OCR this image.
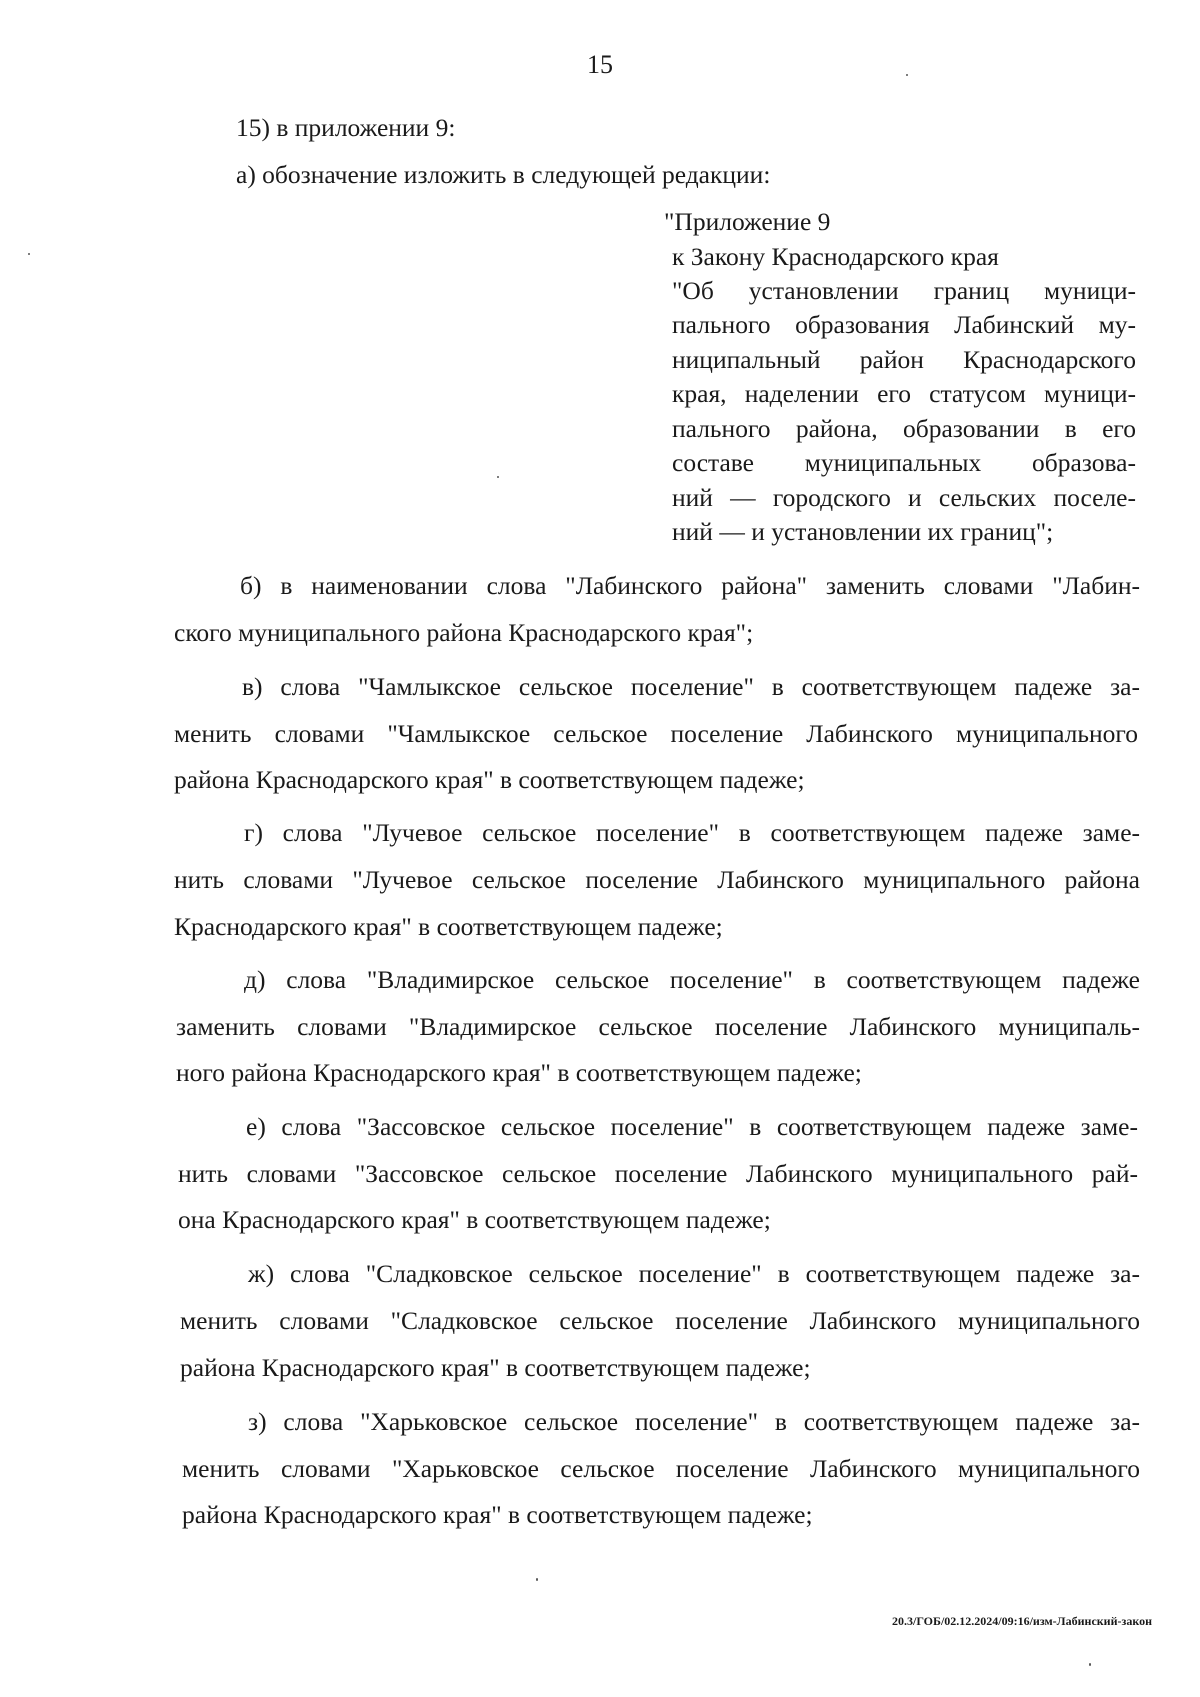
15
15) в приложении 9:
а) обозначение изложить в следующей редакции:
"Приложение 9
к Закону Краснодарского края
"Об установлении границ муници-
пального образования Лабинский му-
ниципальный район Краснодарского
края, наделении его статусом муници-
пального района, образовании в его
составе муниципальных образова-
ний — городского и сельских поселе-
ний — и установлении их границ";
б) в наименовании слова "Лабинского района" заменить словами "Лабин-
ского муниципального района Краснодарского края";
в) слова "Чамлыкское сельское поселение" в соответствующем падеже за-
менить словами "Чамлыкское сельское поселение Лабинского муниципального
района Краснодарского края" в соответствующем падеже;
г) слова "Лучевое сельское поселение" в соответствующем падеже заме-
нить словами "Лучевое сельское поселение Лабинского муниципального района
Краснодарского края" в соответствующем падеже;
д) слова "Владимирское сельское поселение" в соответствующем падеже
заменить словами "Владимирское сельское поселение Лабинского муниципаль-
ного района Краснодарского края" в соответствующем падеже;
е) слова "Зассовское сельское поселение" в соответствующем падеже заме-
нить словами "Зассовское сельское поселение Лабинского муниципального рай-
она Краснодарского края" в соответствующем падеже;
ж) слова "Сладковское сельское поселение" в соответствующем падеже за-
менить словами "Сладковское сельское поселение Лабинского муниципального
района Краснодарского края" в соответствующем падеже;
з) слова "Харьковское сельское поселение" в соответствующем падеже за-
менить словами "Харьковское сельское поселение Лабинского муниципального
района Краснодарского края" в соответствующем падеже;
20.3/ГОБ/02.12.2024/09:16/изм-Лабинский-закон
